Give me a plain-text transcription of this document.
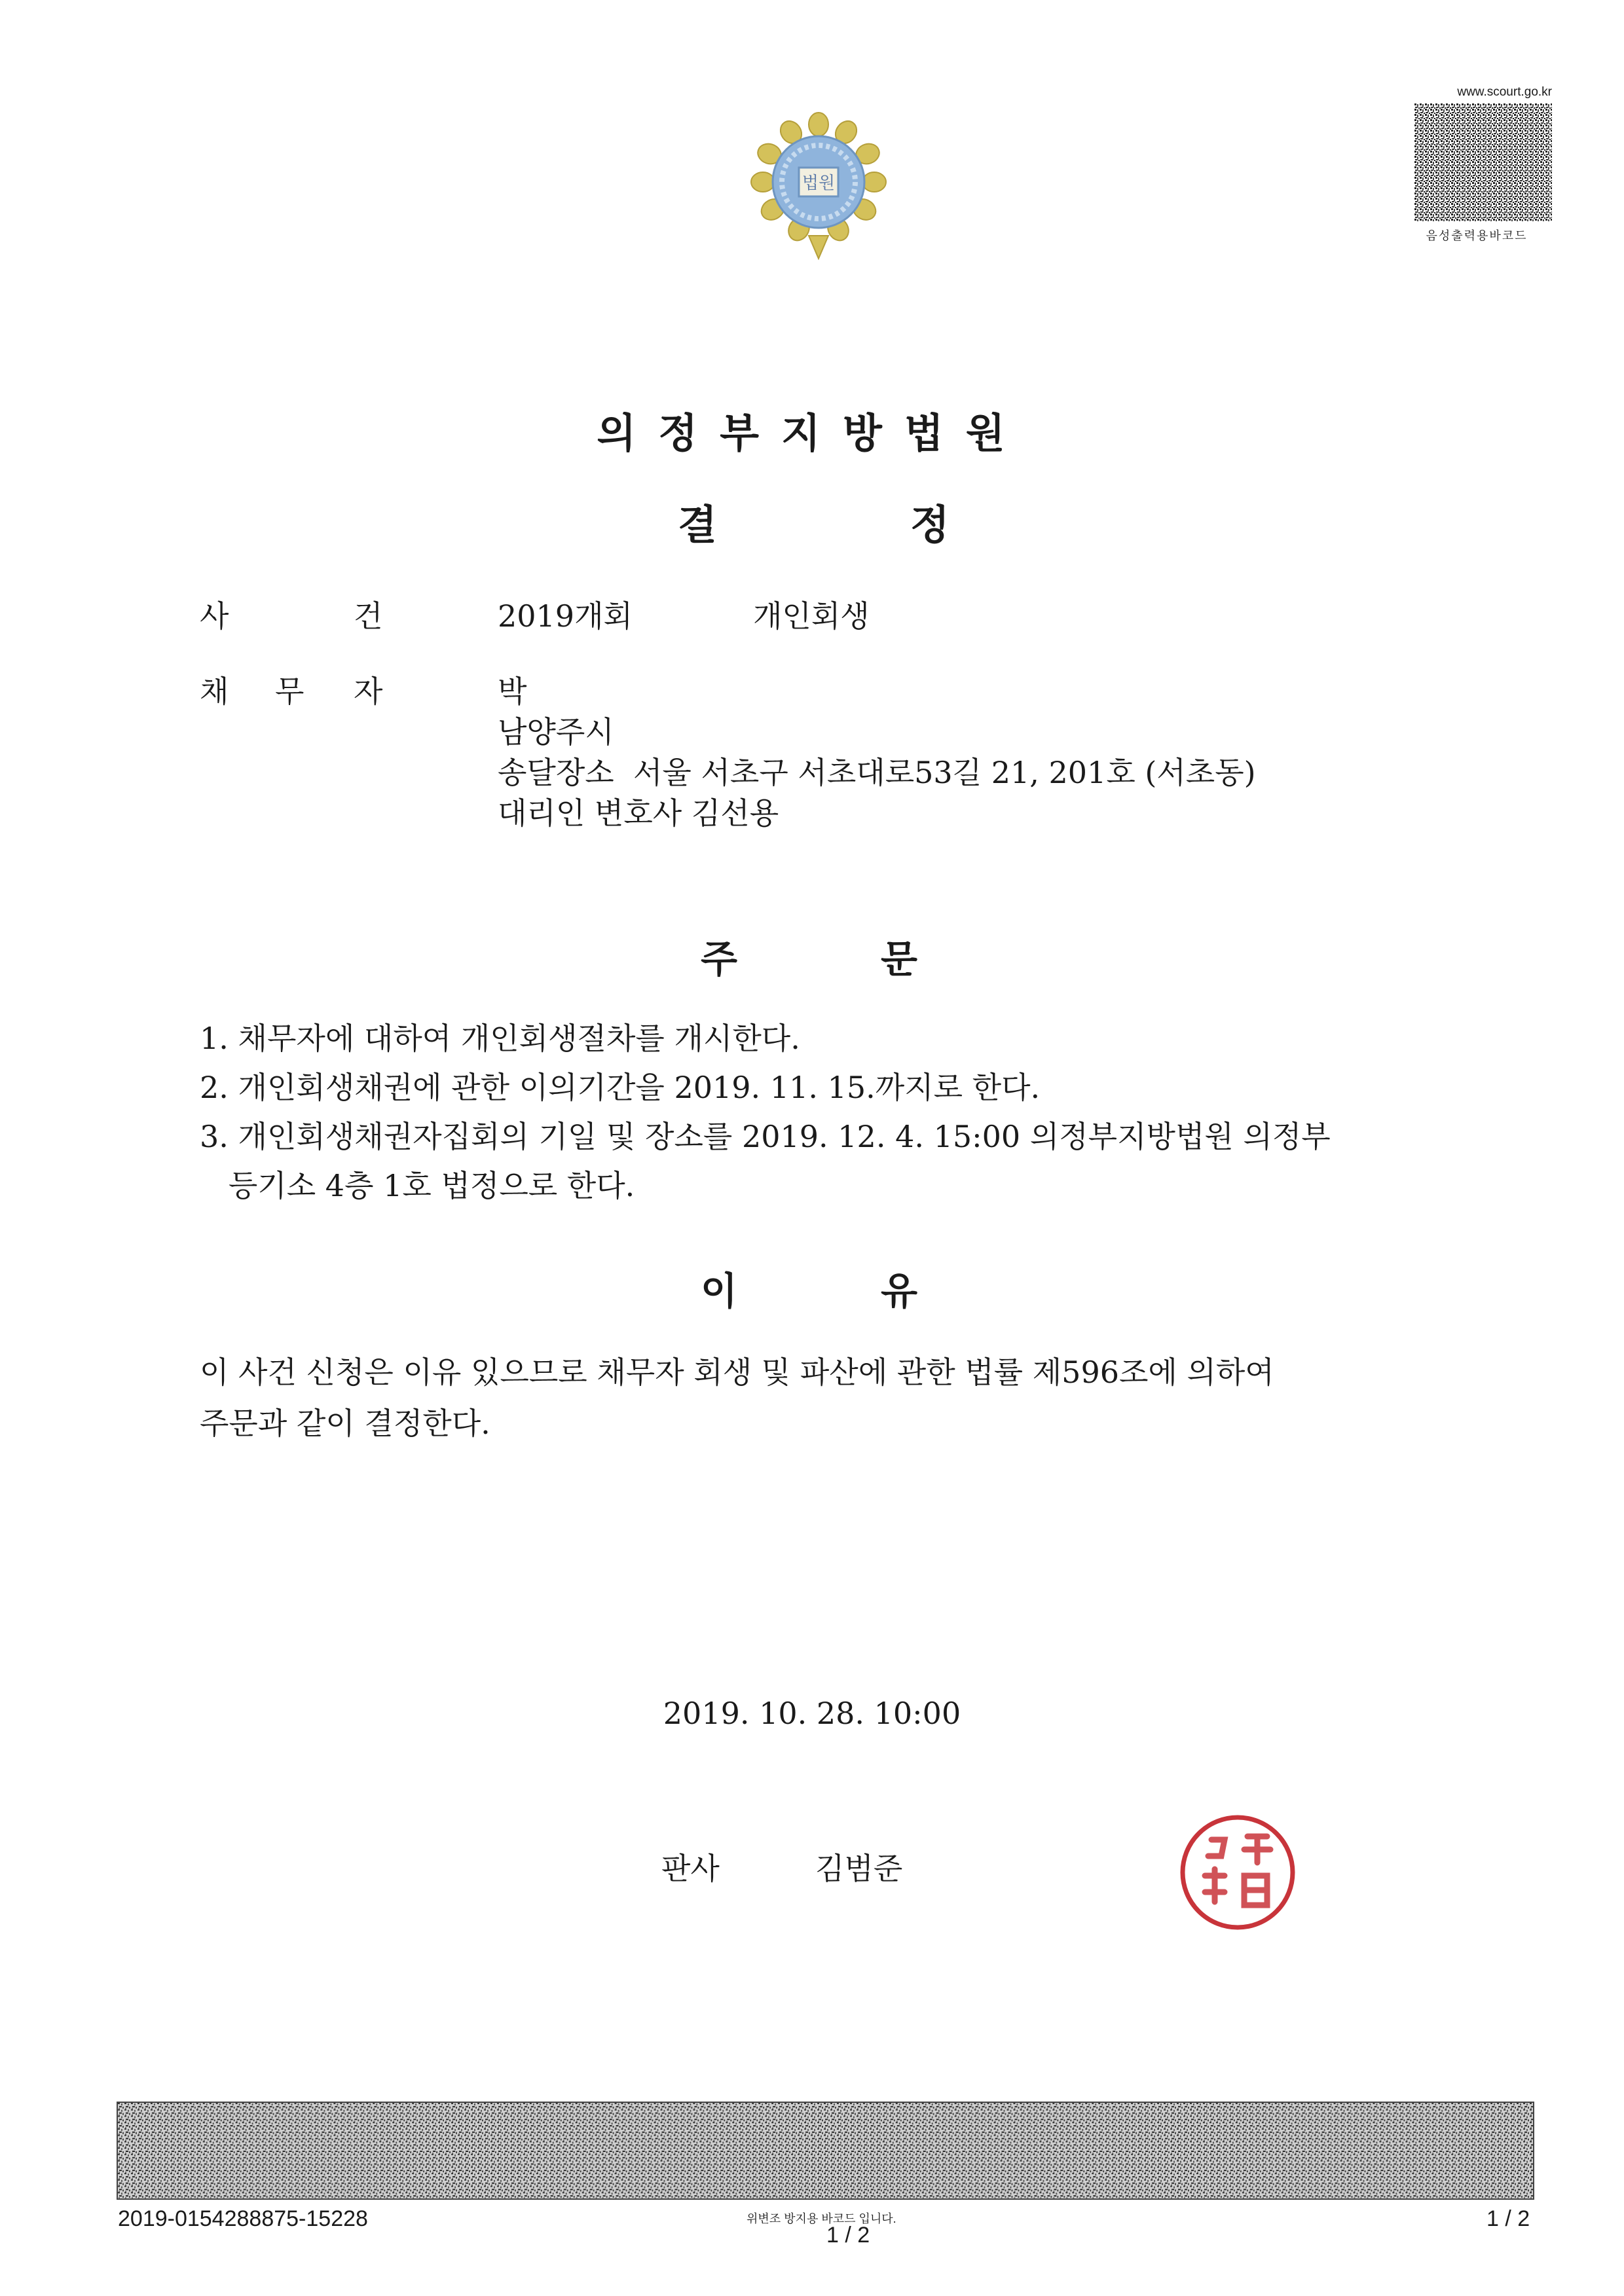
법원
www.scourt.go.kr
음성출력용바코드
의정부지방법원
결	정
사	건	2019개회	개인회생
채 무 자	박
남양주시
송달장소  서울 서초구 서초대로53길 21, 201호 (서초동)
대리인 변호사 김선용
주	문
1. 채무자에 대하여 개인회생절차를 개시한다.
2. 개인회생채권에 관한 이의기간을 2019. 11. 15.까지로 한다.
3. 개인회생채권자집회의 기일 및 장소를 2019. 12. 4. 15:00 의정부지방법원 의정부
등기소 4층 1호 법정으로 한다.
이	유
이 사건 신청은 이유 있으므로 채무자 회생 및 파산에 관한 법률 제596조에 의하여
주문과 같이 결정한다.
2019. 10. 28. 10:00
판사	김범준
2019-0154288875-15228	위변조 방지용 바코드 입니다.
1 / 2
1 / 2
